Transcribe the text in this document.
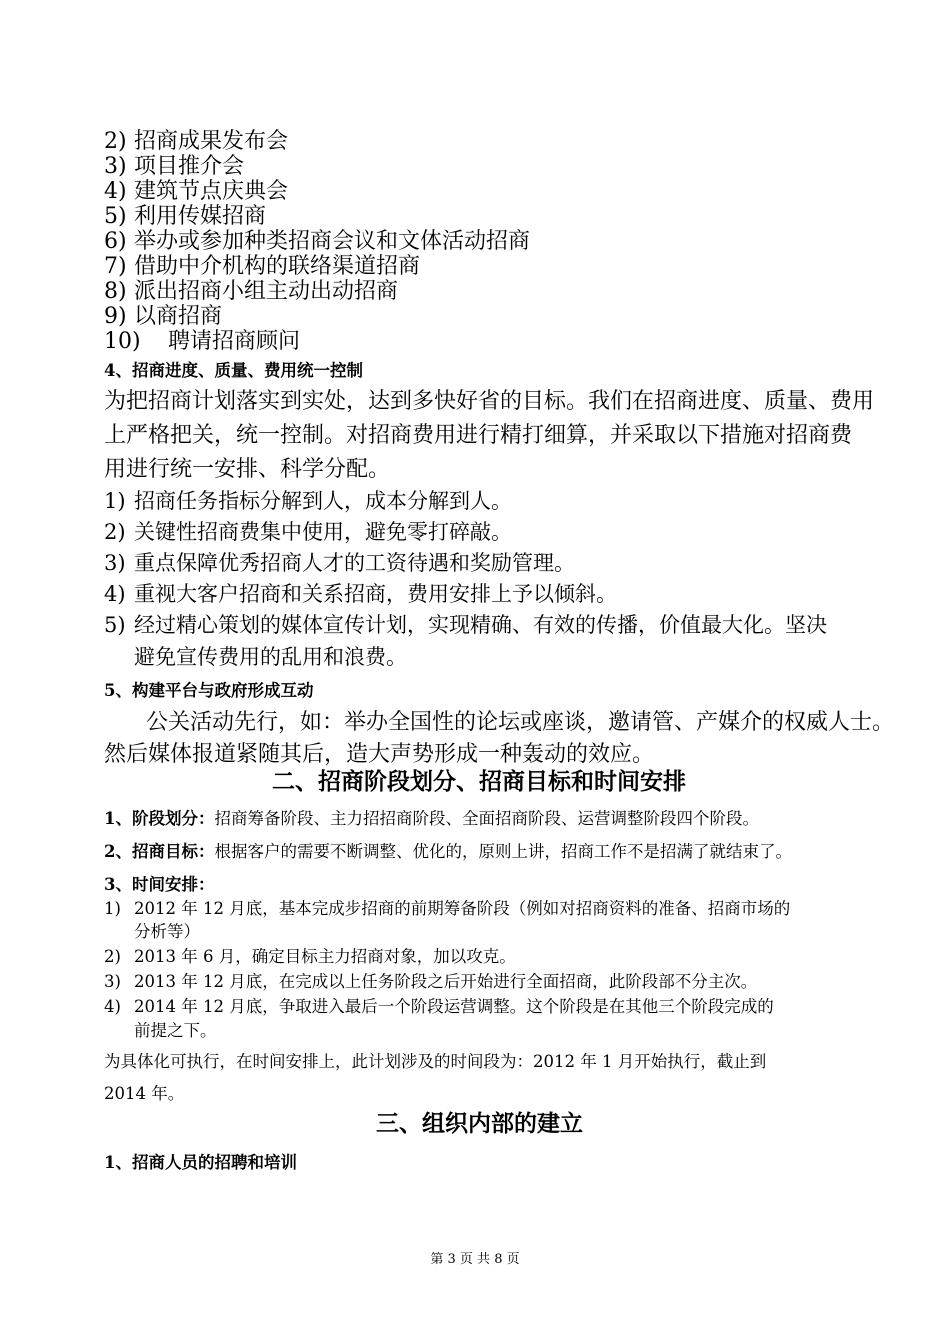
2) 招商成果发布会
3) 项目推介会
4) 建筑节点庆典会
5) 利用传媒招商
6) 举办或参加种类招商会议和文体活动招商
7) 借助中介机构的联络渠道招商
8) 派出招商小组主动出动招商
9) 以商招商
10) 聘请招商顾问
4、招商进度、质量、费用统一控制
为把招商计划落实到实处，达到多快好省的目标。我们在招商进度、质量、费用
上严格把关，统一控制。对招商费用进行精打细算，并采取以下措施对招商费
用进行统一安排、科学分配。
1) 招商任务指标分解到人，成本分解到人。
2) 关键性招商费集中使用，避免零打碎敲。
3) 重点保障优秀招商人才的工资待遇和奖励管理。
4) 重视大客户招商和关系招商，费用安排上予以倾斜。
5) 经过精心策划的媒体宣传计划，实现精确、有效的传播，价值最大化。坚决
避免宣传费用的乱用和浪费。
5、构建平台与政府形成互动
公关活动先行，如：举办全国性的论坛或座谈，邀请管、产媒介的权威人士。
然后媒体报道紧随其后，造大声势形成一种轰动的效应。
二、招商阶段划分、招商目标和时间安排
1、阶段划分：招商筹备阶段、主力招招商阶段、全面招商阶段、运营调整阶段四个阶段。
2、招商目标：根据客户的需要不断调整、优化的，原则上讲，招商工作不是招满了就结束了。
3、时间安排：
1) 2012 年 12 月底，基本完成步招商的前期筹备阶段（例如对招商资料的准备、招商市场的
分析等）
2) 2013 年 6 月，确定目标主力招商对象，加以攻克。
3) 2013 年 12 月底，在完成以上任务阶段之后开始进行全面招商，此阶段部不分主次。
4) 2014 年 12 月底，争取进入最后一个阶段运营调整。这个阶段是在其他三个阶段完成的
前提之下。
为具体化可执行，在时间安排上，此计划涉及的时间段为：2012 年 1 月开始执行，截止到
2014 年。
三、组织内部的建立
1、招商人员的招聘和培训
第 3 页 共 8 页
